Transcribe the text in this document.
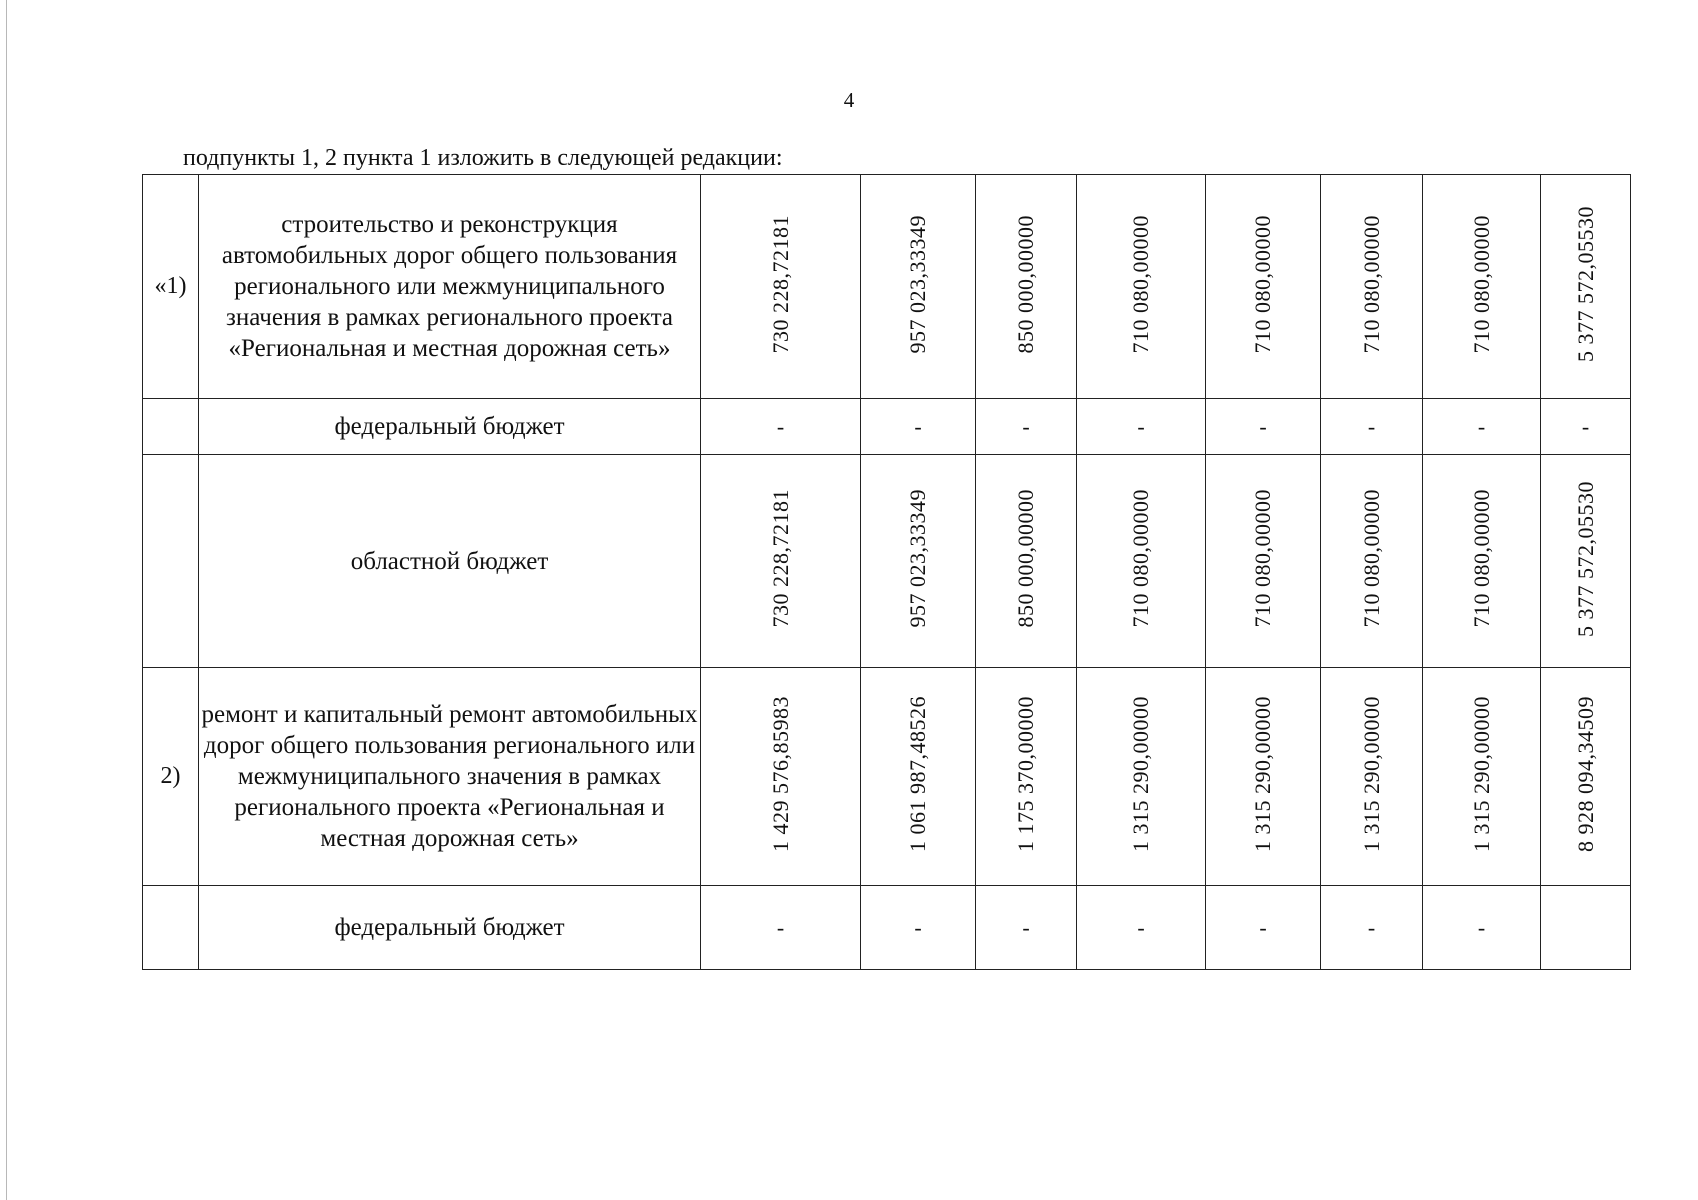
4
подпункты 1, 2 пункта 1 изложить в следующей редакции:
«1)	строительство и реконструкция автомобильных дорог общего пользования регионального или межмуниципального значения в рамках регионального проекта «Региональная и местная дорожная сеть»	730 228,72181	957 023,33349	850 000,00000	710 080,00000	710 080,00000	710 080,00000	710 080,00000	5 377 572,05530
	федеральный бюджет	-	-	-	-	-	-	-	-
	областной бюджет	730 228,72181	957 023,33349	850 000,00000	710 080,00000	710 080,00000	710 080,00000	710 080,00000	5 377 572,05530
2)	ремонт и капитальный ремонт автомобильных дорог общего пользования регионального или межмуниципального значения в рамках регионального проекта «Региональная и местная дорожная сеть»	1 429 576,85983	1 061 987,48526	1 175 370,00000	1 315 290,00000	1 315 290,00000	1 315 290,00000	1 315 290,00000	8 928 094,34509
	федеральный бюджет	-	-	-	-	-	-	-	
